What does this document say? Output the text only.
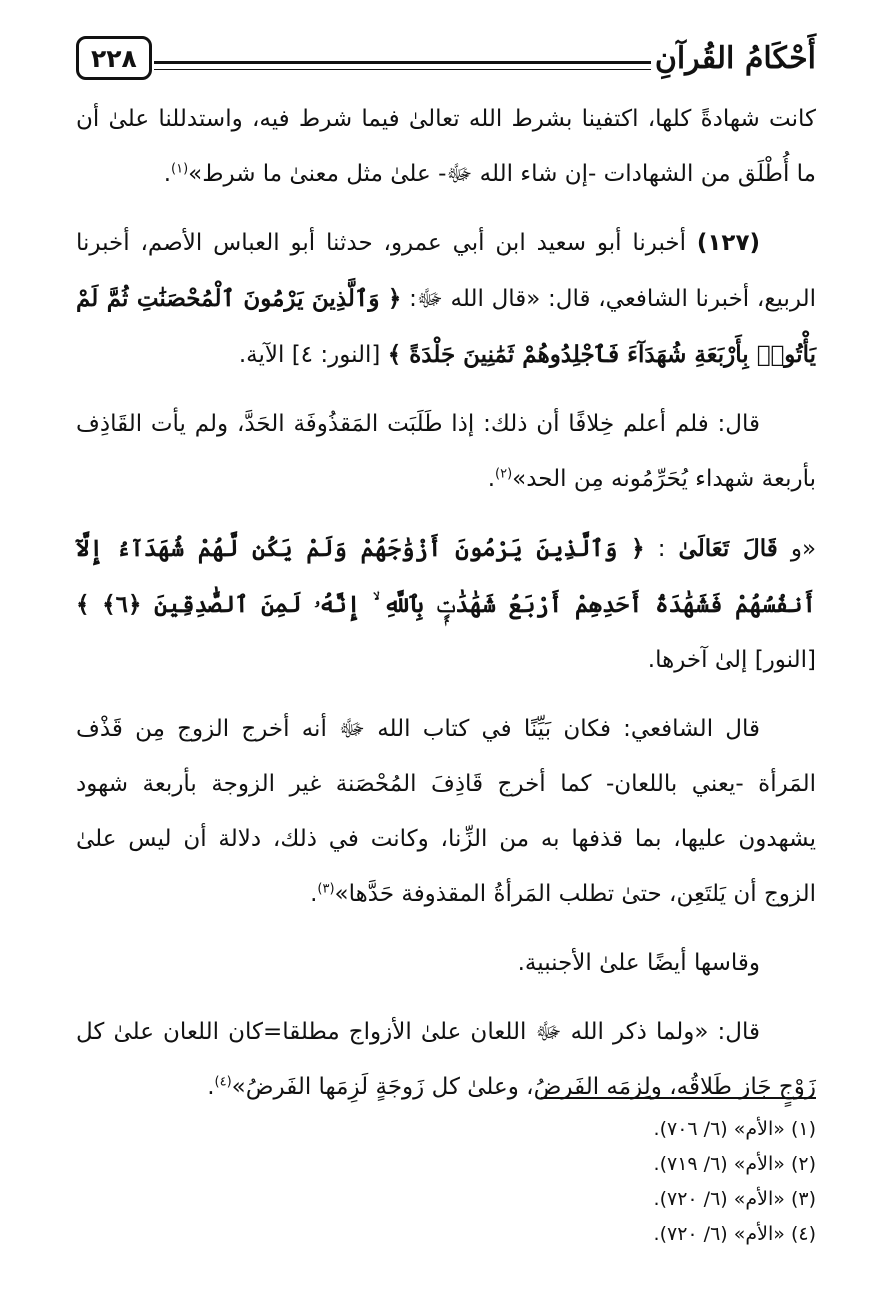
أَحْكَامُ القُرآنِ
٢٢٨

كانت شهادةً كلها، اكتفينا بشرط الله تعالىٰ فيما شرط فيه، واستدللنا علىٰ أن ما أُطْلَق من الشهادات -إن شاء الله ﷻ- علىٰ مثل معنىٰ ما شرط»$^{(١)}$.

(١٢٧) أخبرنا أبو سعيد ابن أبي عمرو، حدثنا أبو العباس الأصم، أخبرنا الربيع، أخبرنا الشافعي، قال: «قال الله ﷻ: ﴿ وَٱلَّذِينَ يَرْمُونَ ٱلْمُحْصَنَٰتِ ثُمَّ لَمْ يَأْتُوا۟ بِأَرْبَعَةِ شُهَدَآءَ فَٱجْلِدُوهُمْ ثَمَٰنِينَ جَلْدَةً ﴾ [النور: ٤] الآية.

قال: فلم أعلم خِلافًا أن ذلك: إذا طَلَبَت المَقذُوفَة الحَدَّ، ولم يأت القَاذِف بأربعة شهداء يُحَرِّمُونه مِن الحد»$^{(٢)}$.

«و قَالَ تَعَالَىٰ : ﴿ وَٱلَّذِينَ يَرْمُونَ أَزْوَٰجَهُمْ وَلَمْ يَكُن لَّهُمْ شُهَدَآءُ إِلَّآ أَنفُسُهُمْ فَشَهَٰدَةُ أَحَدِهِمْ أَرْبَعُ شَهَٰدَٰتٍۭ بِٱللَّهِ ۙ إِنَّهُۥ لَمِنَ ٱلصَّٰدِقِينَ ﴿٦﴾ ﴾ [النور] إلىٰ آخرها.

قال الشافعي: فكان بَيِّنًا في كتاب الله ﷻ أنه أخرج الزوج مِن قَذْف المَرأة -يعني باللعان- كما أخرج قَاذِفَ المُحْصَنة غير الزوجة بأربعة شهود يشهدون عليها، بما قذفها به من الزِّنا، وكانت في ذلك، دلالة أن ليس علىٰ الزوج أن يَلتَعِن، حتىٰ تطلب المَرأةُ المقذوفة حَدَّها»$^{(٣)}$.

وقاسها أيضًا علىٰ الأجنبية.

قال: «ولما ذكر الله ﷻ اللعان علىٰ الأزواج مطلقا=كان اللعان علىٰ كل زَوْجٍ جَاز طَلاقُه، ولِزمَه الفَرضُ، وعلىٰ كل زَوجَةٍ لَزِمَها الفَرضُ»$^{(٤)}$.

(١) «الأم» (٦/ ٧٠٦).
(٢) «الأم» (٦/ ٧١٩).
(٣) «الأم» (٦/ ٧٢٠).
(٤) «الأم» (٦/ ٧٢٠).
